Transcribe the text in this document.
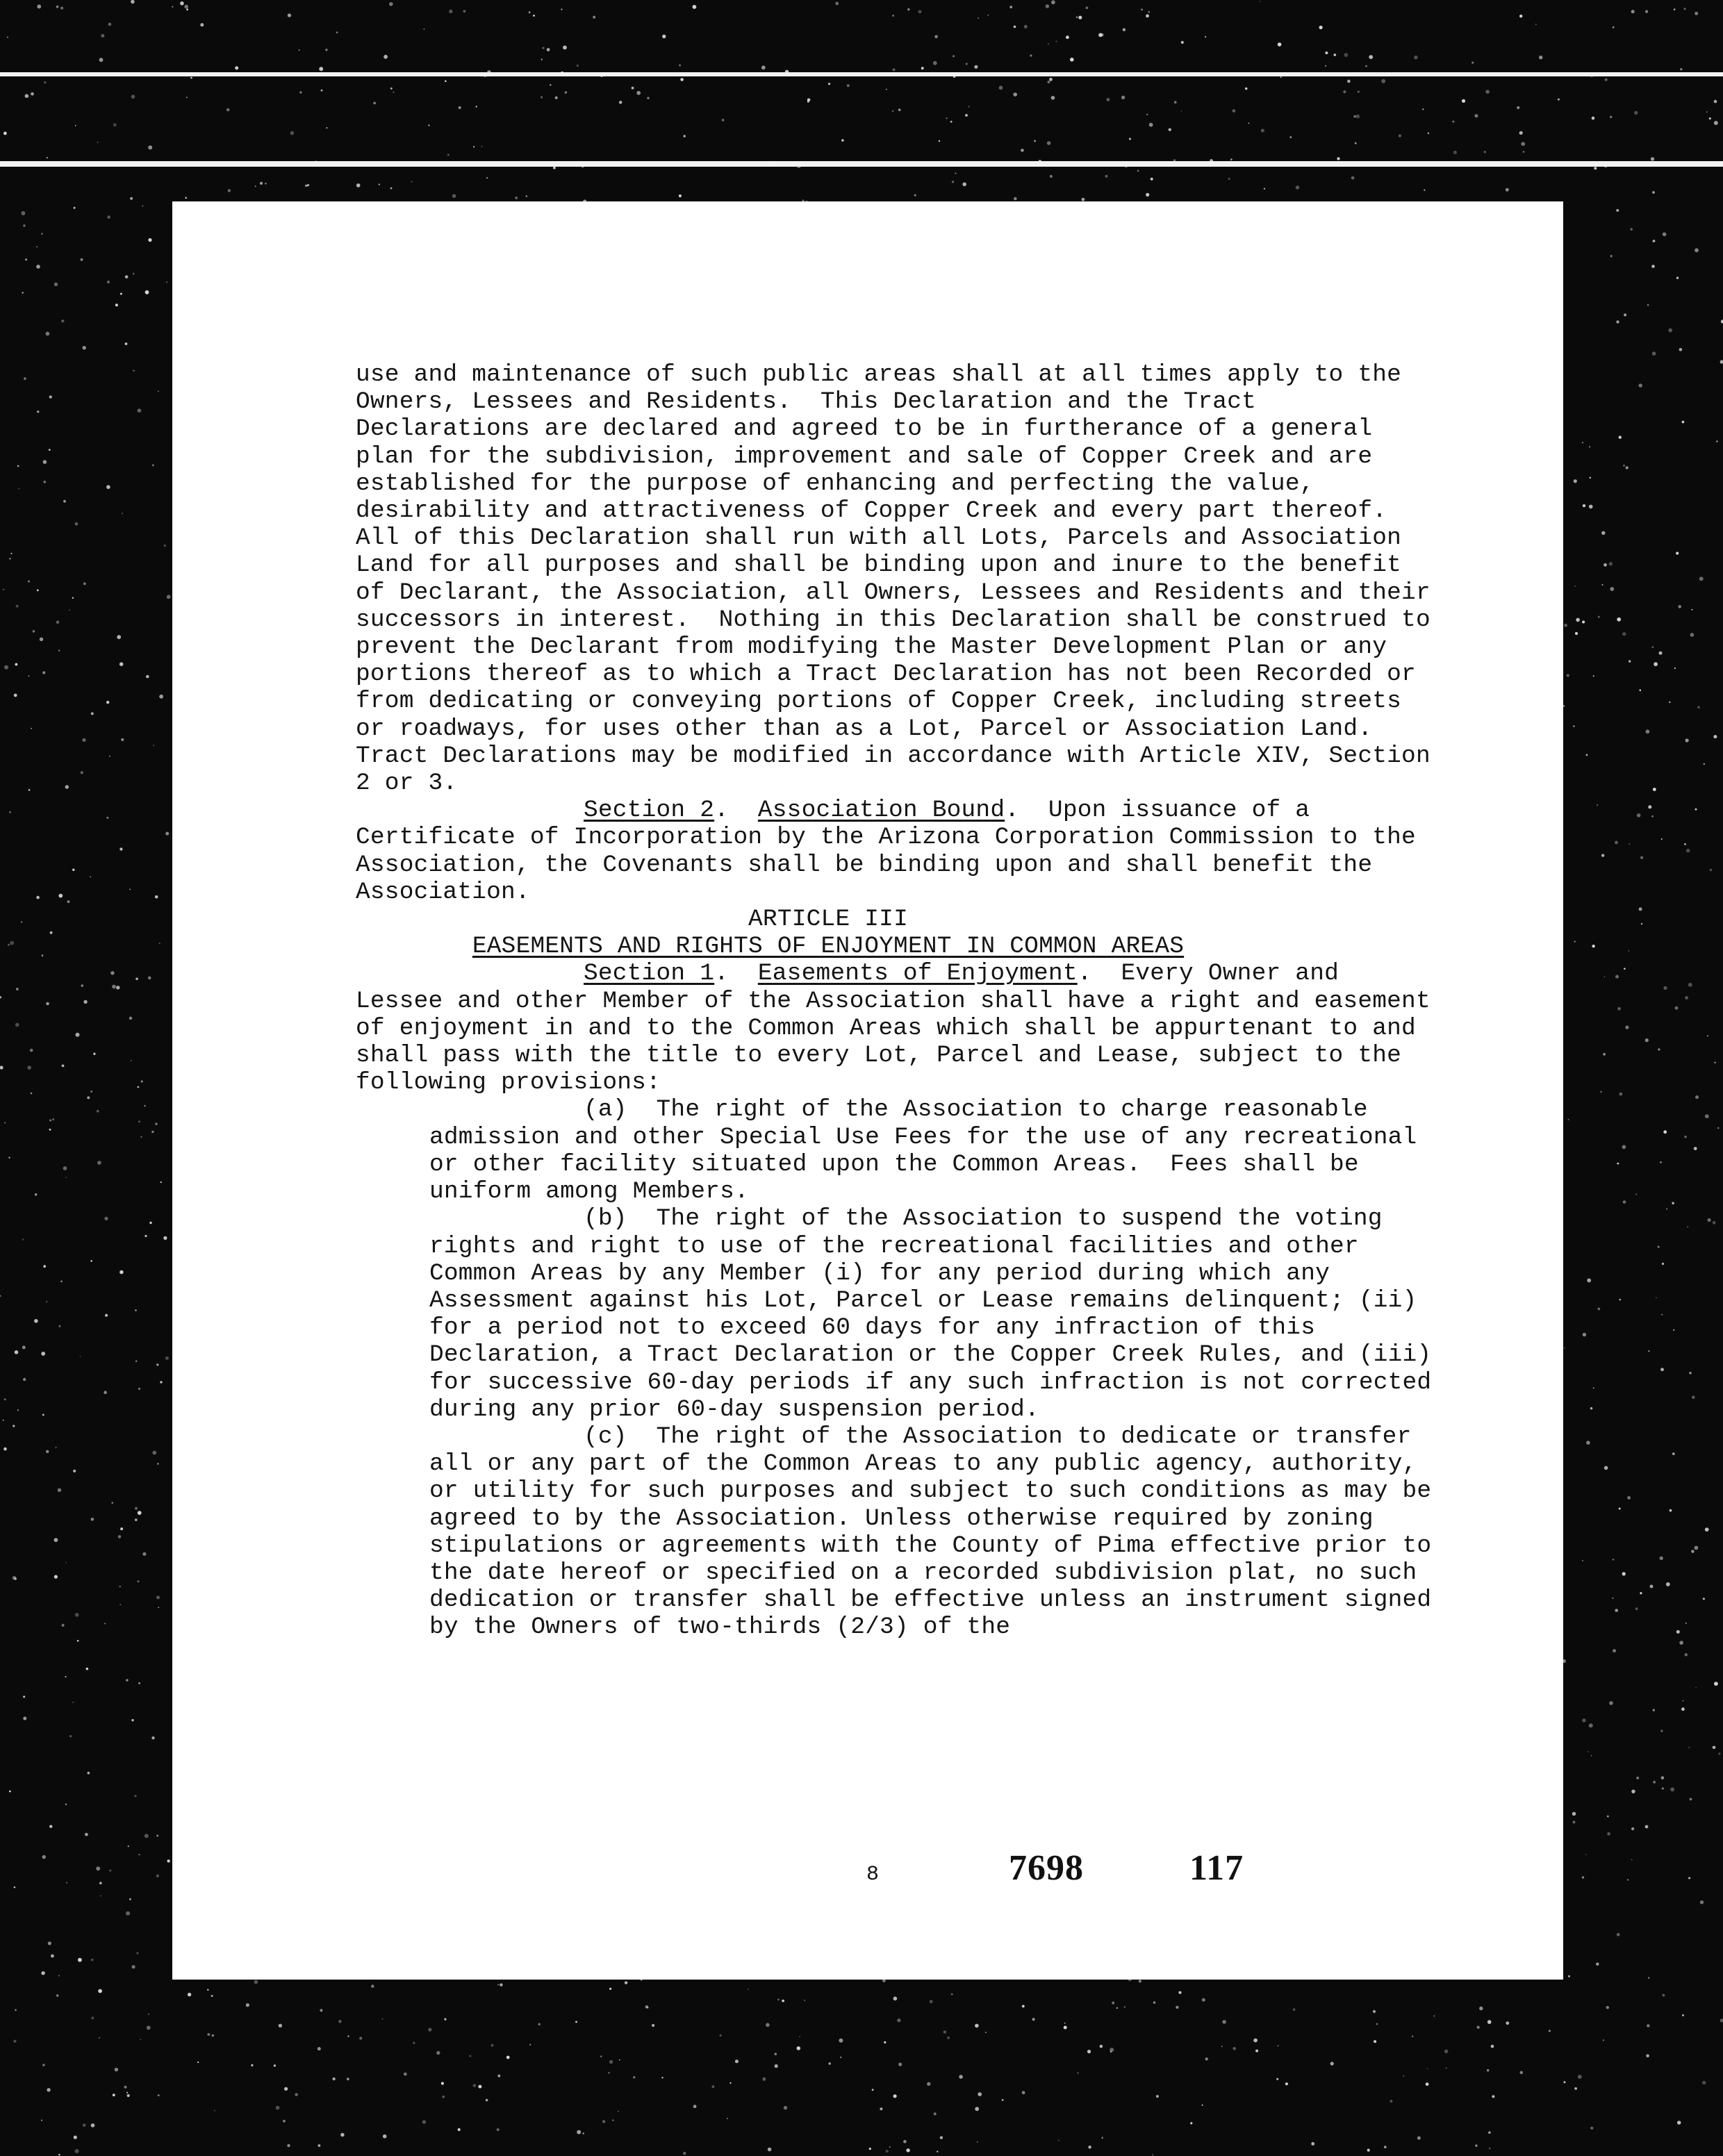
use and maintenance of such public areas shall at all times apply to the Owners, Lessees and Residents.  This Declaration and the Tract Declarations are declared and agreed to be in furtherance of a general plan for the subdivision, improvement and sale of Copper Creek and are established for the purpose of enhancing and perfecting the value, desirability and attractiveness of Copper Creek and every part thereof.  All of this Declaration shall run with all Lots, Parcels and Association Land for all purposes and shall be binding upon and inure to the benefit of Declarant, the Association, all Owners, Lessees and Residents and their successors in interest.  Nothing in this Declaration shall be construed to prevent the Declarant from modifying the Master Development Plan or any portions thereof as to which a Tract Declaration has not been Recorded or from dedicating or conveying portions of Copper Creek, including streets or roadways, for uses other than as a Lot, Parcel or Association Land.  Tract Declarations may be modified in accordance with Article XIV, Section 2 or 3.

Section 2.  Association Bound.  Upon issuance of a Certificate of Incorporation by the Arizona Corporation Commission to the Association, the Covenants shall be binding upon and shall benefit the Association.

ARTICLE III

EASEMENTS AND RIGHTS OF ENJOYMENT IN COMMON AREAS

Section 1.  Easements of Enjoyment.  Every Owner and Lessee and other Member of the Association shall have a right and easement of enjoyment in and to the Common Areas which shall be appurtenant to and shall pass with the title to every Lot, Parcel and Lease, subject to the following provisions:

(a)  The right of the Association to charge reasonable admission and other Special Use Fees for the use of any recreational or other facility situated upon the Common Areas.  Fees shall be uniform among Members.

(b)  The right of the Association to suspend the voting rights and right to use of the recreational facilities and other Common Areas by any Member (i) for any period during which any Assessment against his Lot, Parcel or Lease remains delinquent; (ii) for a period not to exceed 60 days for any infraction of this Declaration, a Tract Declaration or the Copper Creek Rules, and (iii) for successive 60-day periods if any such infraction is not corrected during any prior 60-day suspension period.

(c)  The right of the Association to dedicate or transfer all or any part of the Common Areas to any public agency, authority, or utility for such purposes and subject to such conditions as may be agreed to by the Association. Unless otherwise required by zoning stipulations or agreements with the County of Pima effective prior to the date hereof or specified on a recorded subdivision plat, no such dedication or transfer shall be effective unless an instrument signed by the Owners of two-thirds (2/3) of the

8	7698	117
